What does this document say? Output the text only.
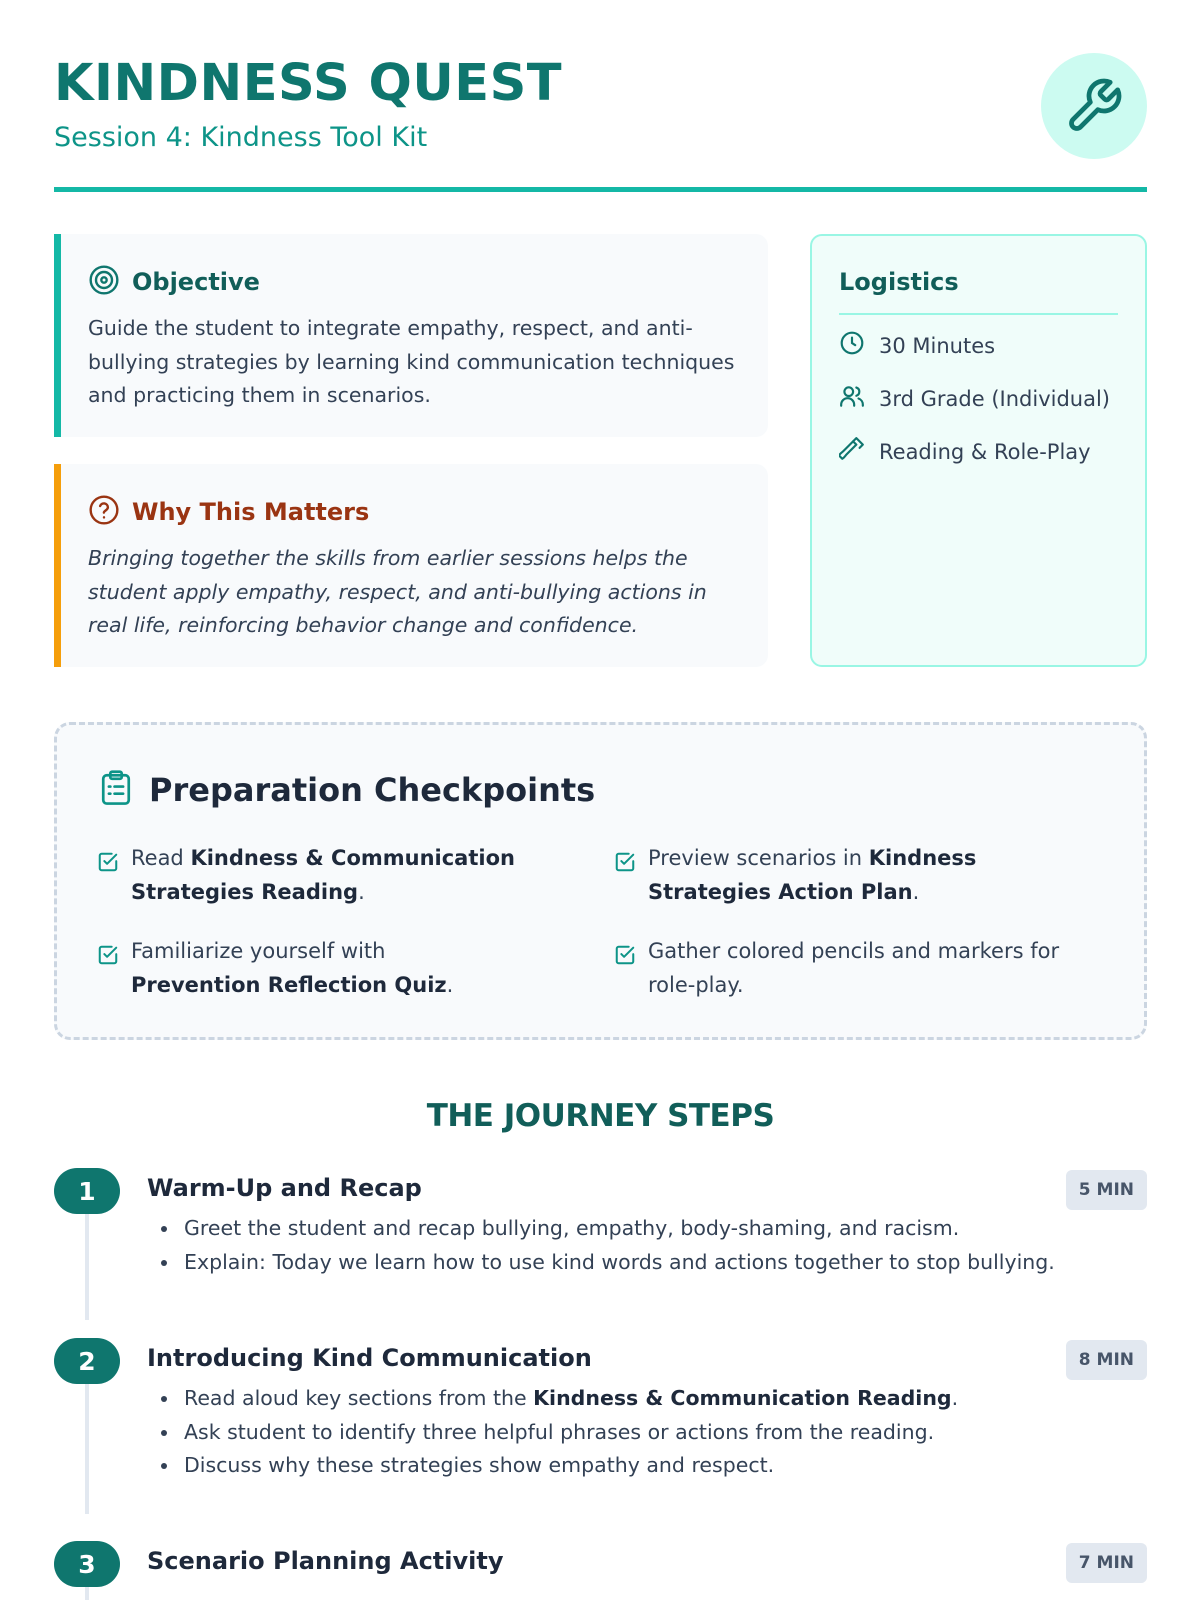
KINDNESS QUEST
Session 4: Kindness Tool Kit
Objective
Guide the student to integrate empathy, respect, and anti-bullying strategies by learning kind communication techniques and practicing them in scenarios.
Why This Matters
Bringing together the skills from earlier sessions helps the student apply empathy, respect, and anti-bullying actions in real life, reinforcing behavior change and confidence.
Logistics
30 Minutes
3rd Grade (Individual)
Reading & Role-Play
Preparation Checkpoints
Read Kindness & Communication Strategies Reading.
Preview scenarios in Kindness Strategies Action Plan.
Familiarize yourself with Prevention Reflection Quiz.
Gather colored pencils and markers for role-play.
THE JOURNEY STEPS
1	Warm-Up and Recap	5 MIN
• Greet the student and recap bullying, empathy, body-shaming, and racism.
• Explain: Today we learn how to use kind words and actions together to stop bullying.
2	Introducing Kind Communication	8 MIN
• Read aloud key sections from the Kindness & Communication Reading.
• Ask student to identify three helpful phrases or actions from the reading.
• Discuss why these strategies show empathy and respect.
3	Scenario Planning Activity	7 MIN
